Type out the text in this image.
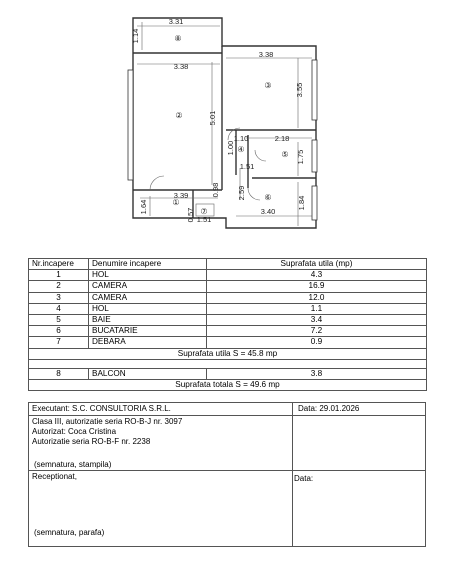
3.31
1.14
3.38
3.38
3.55
5.01
1.10
1.00
2.18
1.75
1.51
2.59
0.98
3.39
1.64
0.57 1.51
3.40
1.84
①
②
③
④
⑤
⑥
⑦
⑧
Nr.incapere	Denumire incapere	Suprafata utila (mp)
1	HOL	4.3
2	CAMERA	16.9
3	CAMERA	12.0
4	HOL	1.1
5	BAIE	3.4
6	BUCATARIE	7.2
7	DEBARA	0.9
Suprafata utila S = 45.8 mp		

8	BALCON	3.8
Suprafata totala S = 49.6 mp		
Executant: S.C. CONSULTORIA S.R.L.	Data: 29.01.2026
Clasa III, autorizatie seria RO-B-J nr. 3097
Autorizat: Coca Cristina
Autorizatie seria RO-B-F nr. 2238
(semnatura, stampila)
Receptionat,	Data:
(semnatura, parafa)
